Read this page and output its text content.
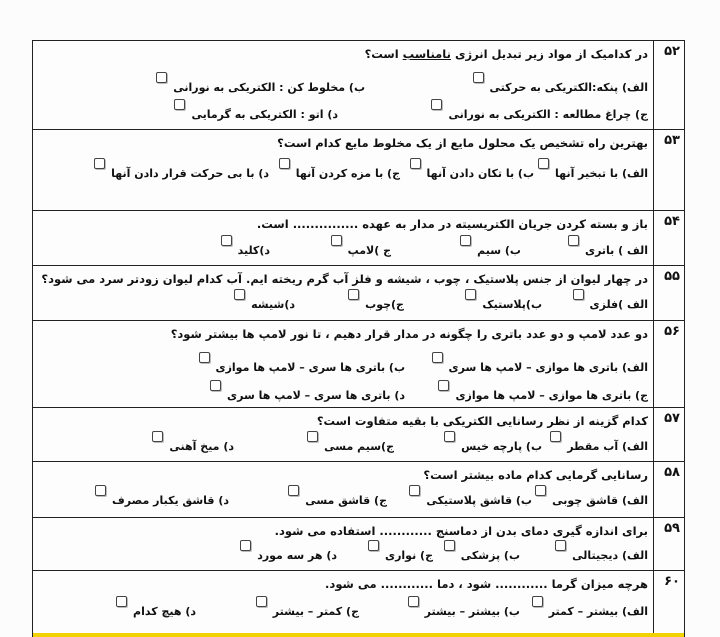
۵۲
در کدامیک از مواد زیر تبدیل انرژی نامناسب است؟
الف) پنکه:الکتریکی به حرکتی
ب) مخلوط کن : الکتریکی به نورانی
ج) چراغ مطالعه : الکتریکی به نورانی
د) اتو : الکتریکی به گرمایی
۵۳
بهترین راه تشخیص یک محلول مایع از یک مخلوط مایع کدام است؟
الف) با تبخیر آنها
ب) با تکان دادن آنها
ج) با مزه کردن آنها
د) با بی حرکت قرار دادن آنها
۵۴
باز و بسته کردن جریان الکتریسیته در مدار به عهده ............... است.
الف ) باتری
ب) سیم
ج )لامپ
د)کلید
۵۵
در چهار لیوان از جنس پلاستیک ، چوب ، شیشه و فلز آب گرم ریخته ایم. آب کدام لیوان زودتر سرد می شود؟
الف )فلزی
ب)پلاستیک
ج)چوب
د)شیشه
۵۶
دو عدد لامپ و دو عدد باتری را چگونه در مدار قرار دهیم ، تا نور لامپ ها بیشتر شود؟
الف) باتری ها موازی – لامپ ها سری
ب) باتری ها سری – لامپ ها موازی
ج) باتری ها موازی – لامپ ها موازی
د) باتری ها سری – لامپ ها سری
۵۷
کدام گزینه از نظر رسانایی الکتریکی با بقیه متفاوت است؟
الف) آب مقطر
ب) پارچه خیس
ج)سیم مسی
د) میخ آهنی
۵۸
رسانایی گرمایی کدام ماده بیشتر است؟
الف) قاشق چوبی
ب) قاشق پلاستیکی
ج) قاشق مسی
د) قاشق یکبار مصرف
۵۹
برای اندازه گیری دمای بدن از دماسنج ............ استفاده می شود.
الف) دیجیتالی
ب) پزشکی
ج) نواری
د) هر سه مورد
۶۰
هرچه میزان گرما ............ شود ، دما ............ می شود.
الف) بیشتر – کمتر
ب) بیشتر – بیشتر
ج) کمتر – بیشتر
د) هیچ کدام
